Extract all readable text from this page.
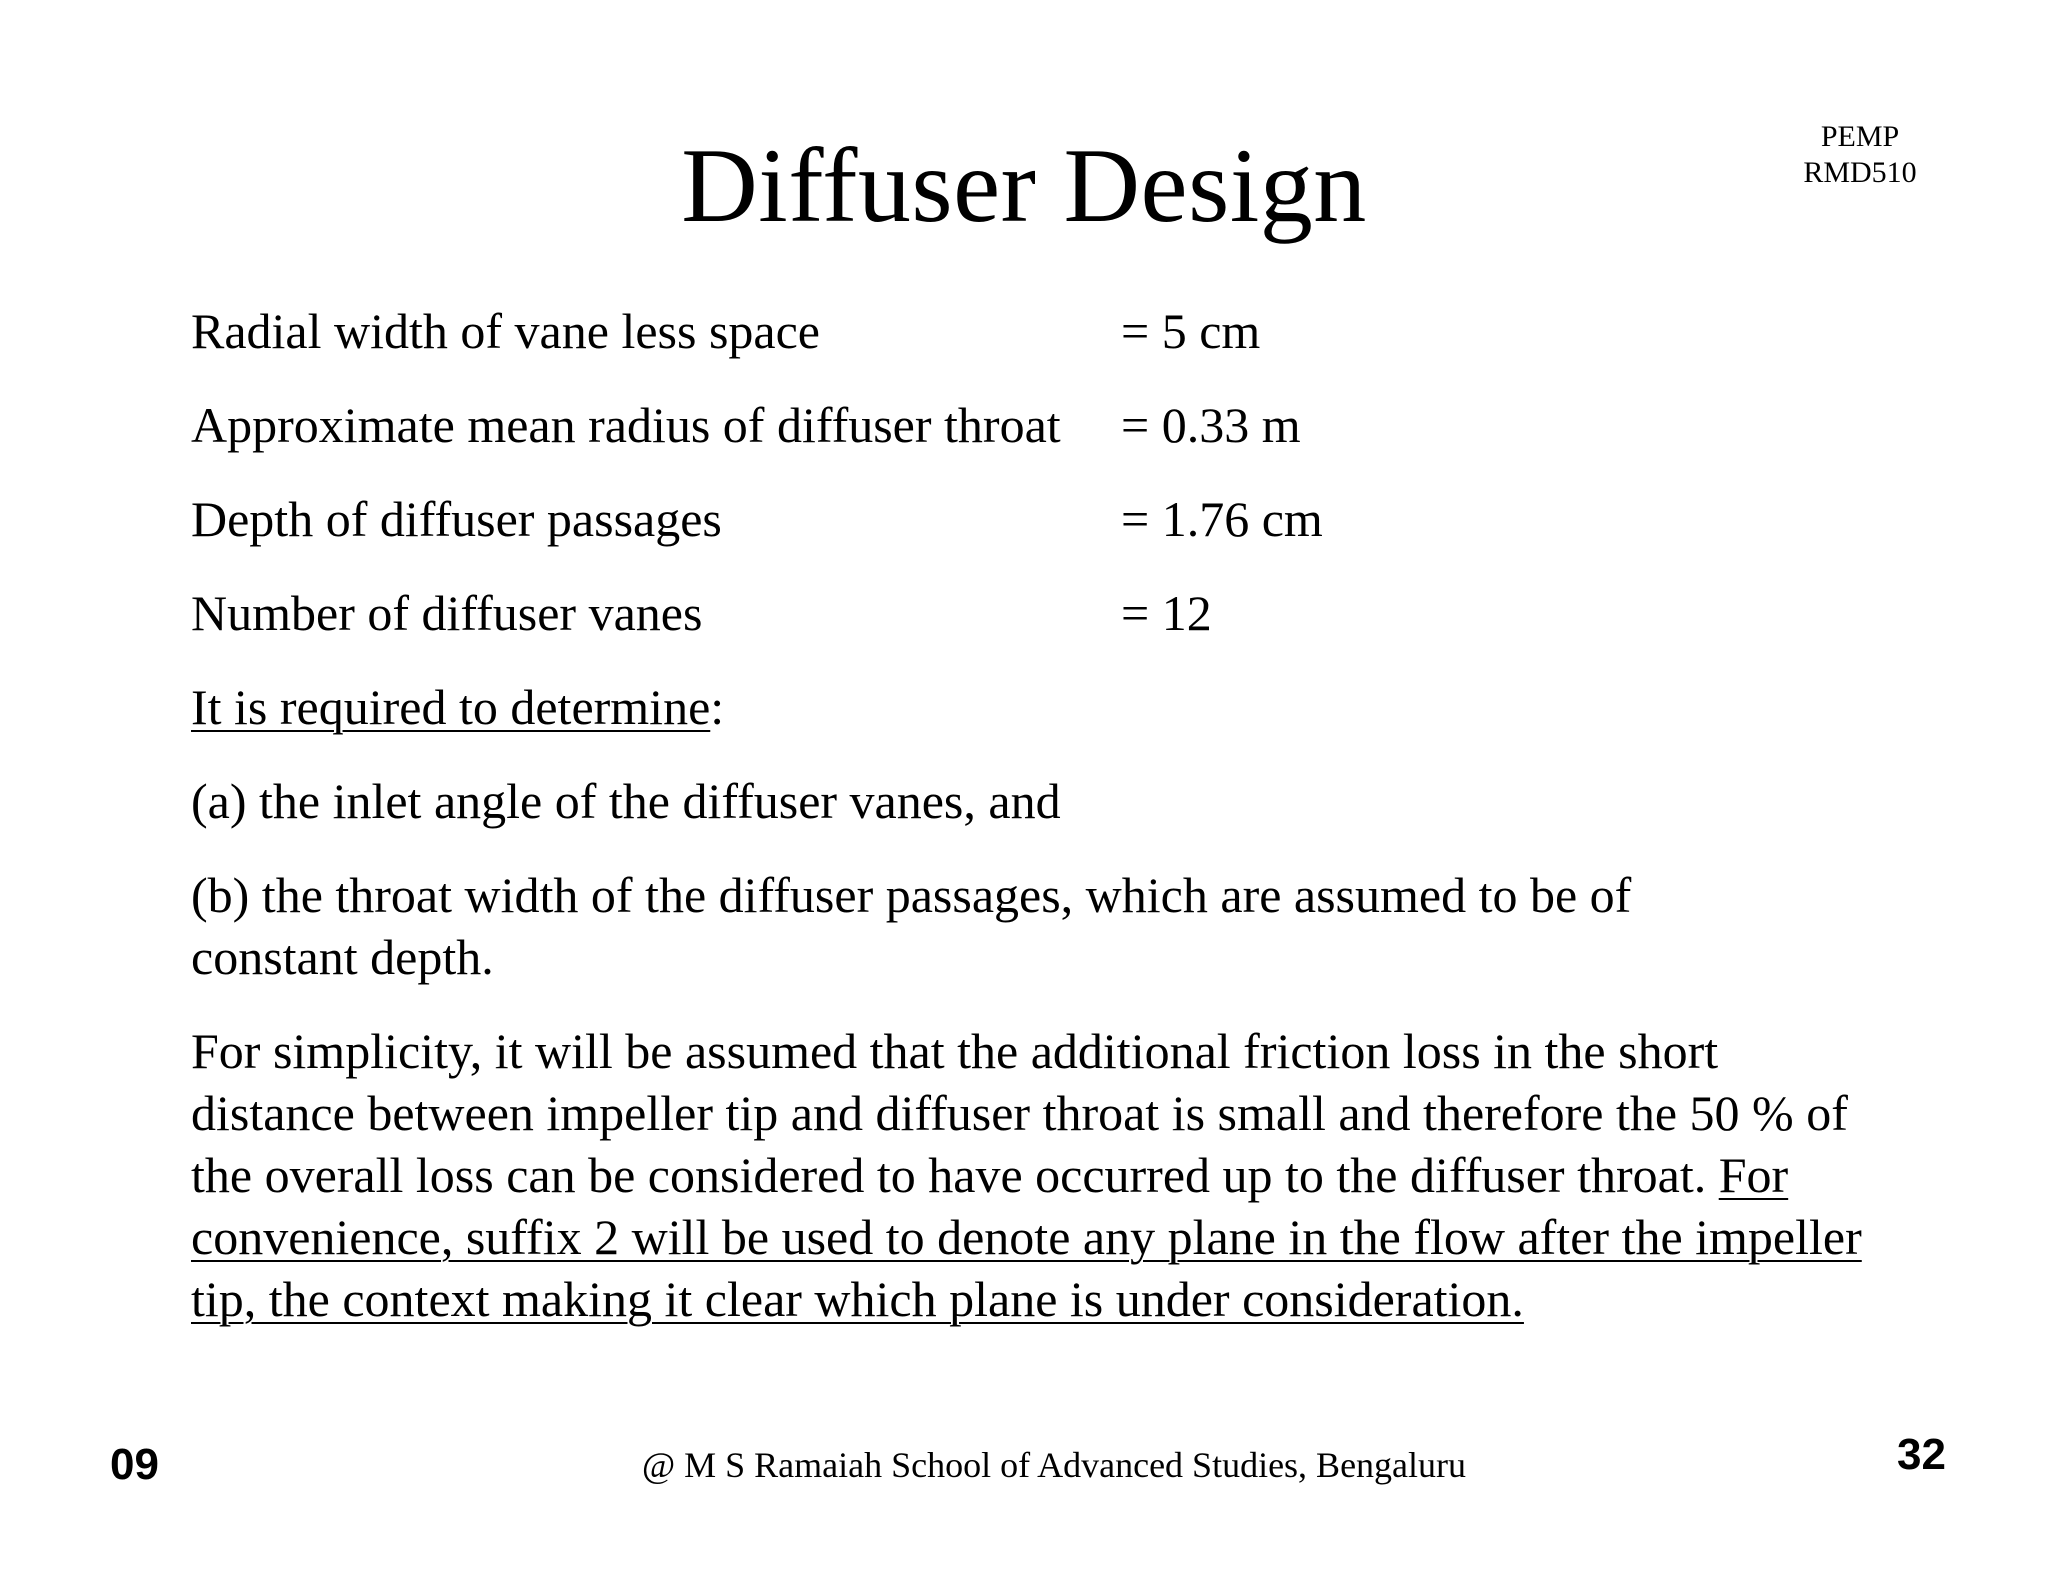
Diffuser Design	PEMP
RMD510
Radial width of vane less space	= 5 cm
Approximate mean radius of diffuser throat = 0.33 m
Depth of diffuser passages	= 1.76 cm
Number of diffuser vanes	= 12

It is required to determine:

(a) the inlet angle of the diffuser vanes, and

(b) the throat width of the diffuser passages, which are assumed to be of constant depth.

For simplicity, it will be assumed that the additional friction loss in the short distance between impeller tip and diffuser throat is small and therefore the 50 % of the overall loss can be considered to have occurred up to the diffuser throat. For convenience, suffix 2 will be used to denote any plane in the flow after the impeller tip, the context making it clear which plane is under consideration.

09	@ M S Ramaiah School of Advanced Studies, Bengaluru	32
